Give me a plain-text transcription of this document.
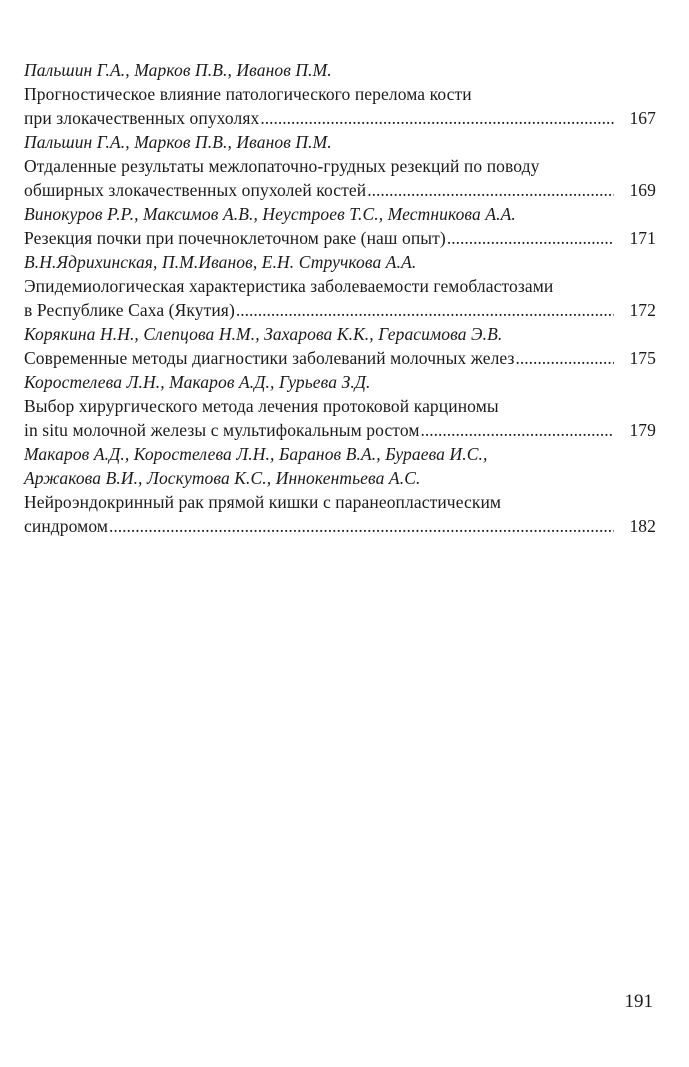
Пальшин Г.А., Марков П.В., Иванов П.М.
Прогностическое влияние патологического перелома кости
при злокачественных опухолях .....	167
Пальшин Г.А., Марков П.В., Иванов П.М.
Отдаленные результаты межлопаточно-грудных резекций по поводу
обширных злокачественных опухолей костей .....	169
Винокуров Р.Р., Максимов А.В., Неустроев Т.С., Местникова А.А.
Резекция почки при почечноклеточном раке (наш опыт) .....	171
В.Н.Ядрихинская, П.М.Иванов, Е.Н. Стручкова А.А.
Эпидемиологическая характеристика заболеваемости гемобластозами
в Республике Саха (Якутия) .....	172
Корякина Н.Н., Слепцова Н.М., Захарова К.К., Герасимова Э.В.
Современные методы диагностики заболеваний молочных желез .....	175
Коростелева Л.Н., Макаров А.Д., Гурьева З.Д.
Выбор хирургического метода лечения протоковой карциномы
in situ молочной железы с мультифокальным ростом .....	179
Макаров А.Д., Коростелева Л.Н., Баранов В.А., Бураева И.С.,
Аржакова В.И., Лоскутова К.С., Иннокентьева А.С.
Нейроэндокринный рак прямой кишки с паранеопластическим
синдромом .....	182
191
